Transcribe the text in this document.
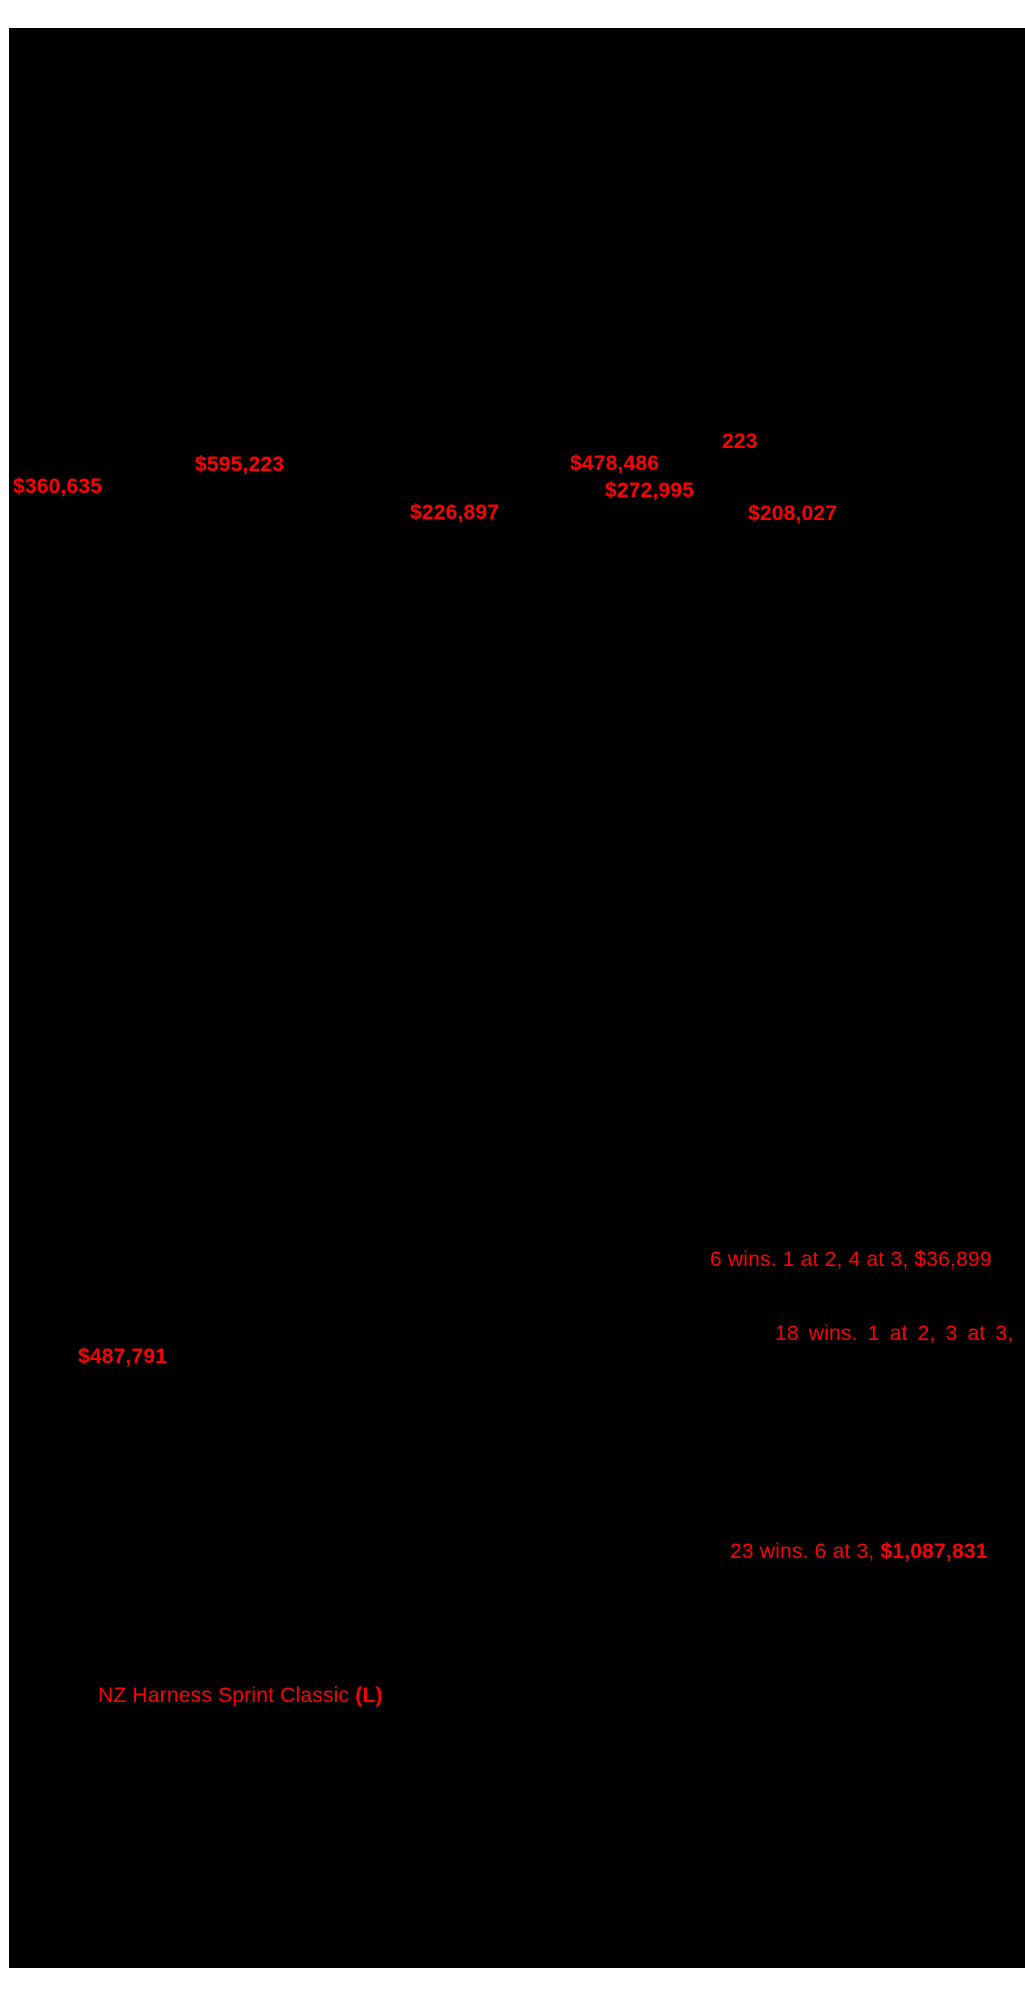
223
$595,223	$478,486
$360,635	$272,995
$226,897	$208,027
6 wins. 1 at 2, 4 at 3, $36,899
18 wins. 1 at 2, 3 at 3,
$487,791
23 wins. 6 at 3, $1,087,831
NZ Harness Sprint Classic (L)
